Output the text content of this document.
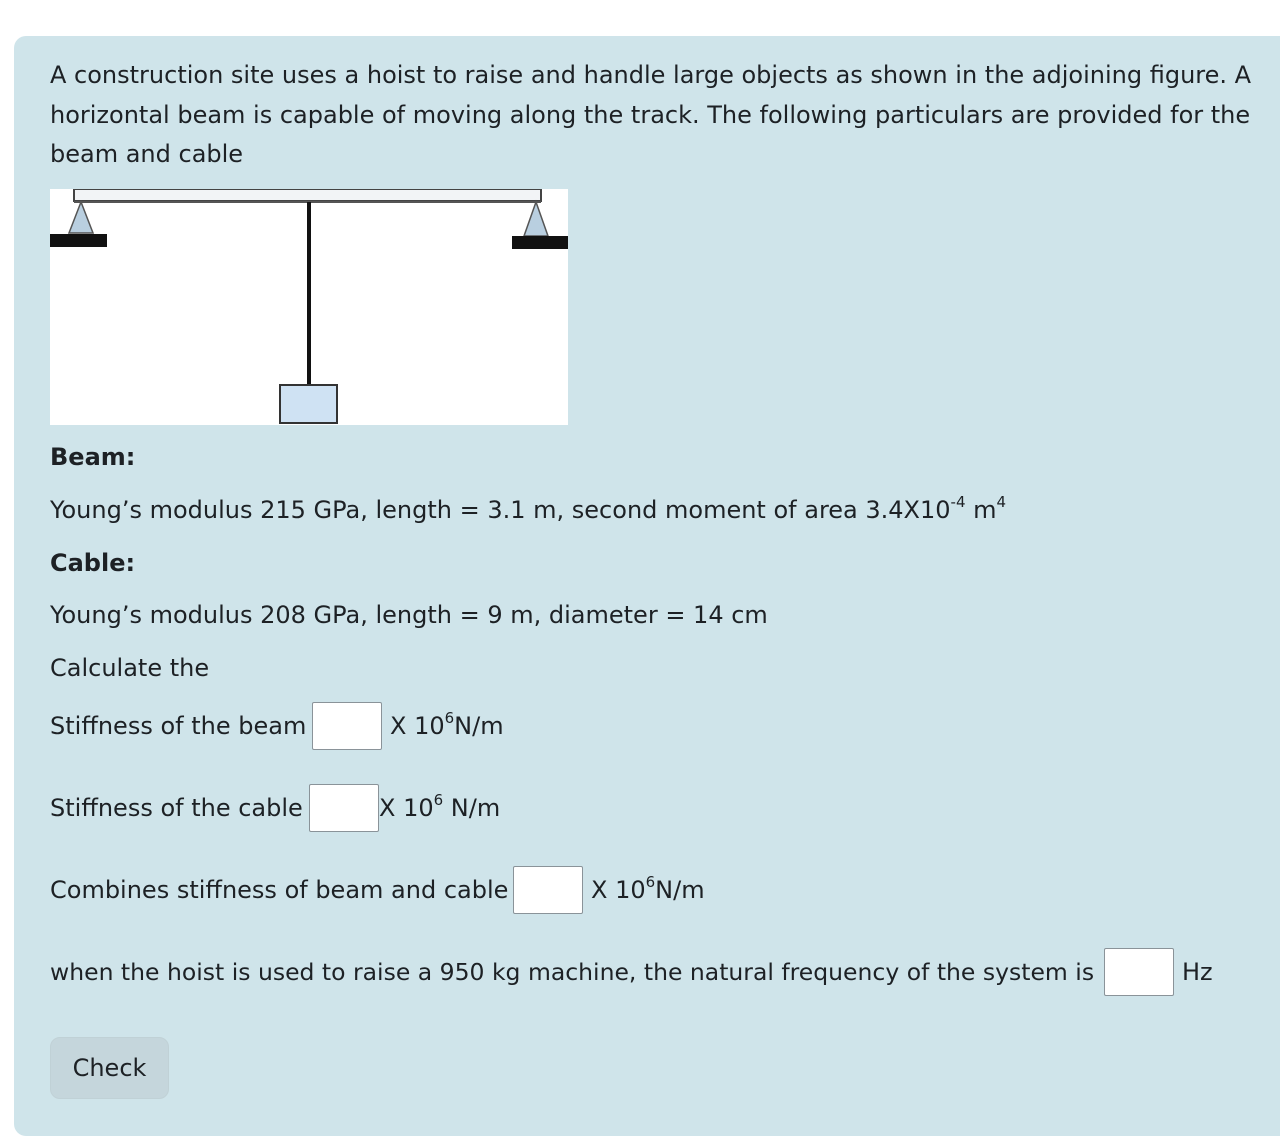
A construction site uses a hoist to raise and handle large objects as shown in the adjoining figure. A horizontal beam is capable of moving along the track. The following particulars are provided for the beam and cable
Beam:
Young’s modulus 215 GPa, length = 3.1 m, second moment of area $3.4X10^{-4}$ $m^4$
Cable:
Young’s modulus 208 GPa, length = 9 m, diameter = 14 cm
Calculate the
Stiffness of the beam	X $10^6N/m$
Stiffness of the cable	X $10^6$ N/m
Combines stiffness of beam and cable	X $10^6N/m$
when the hoist is used to raise a 950 kg machine, the natural frequency of the system is	Hz
Check
